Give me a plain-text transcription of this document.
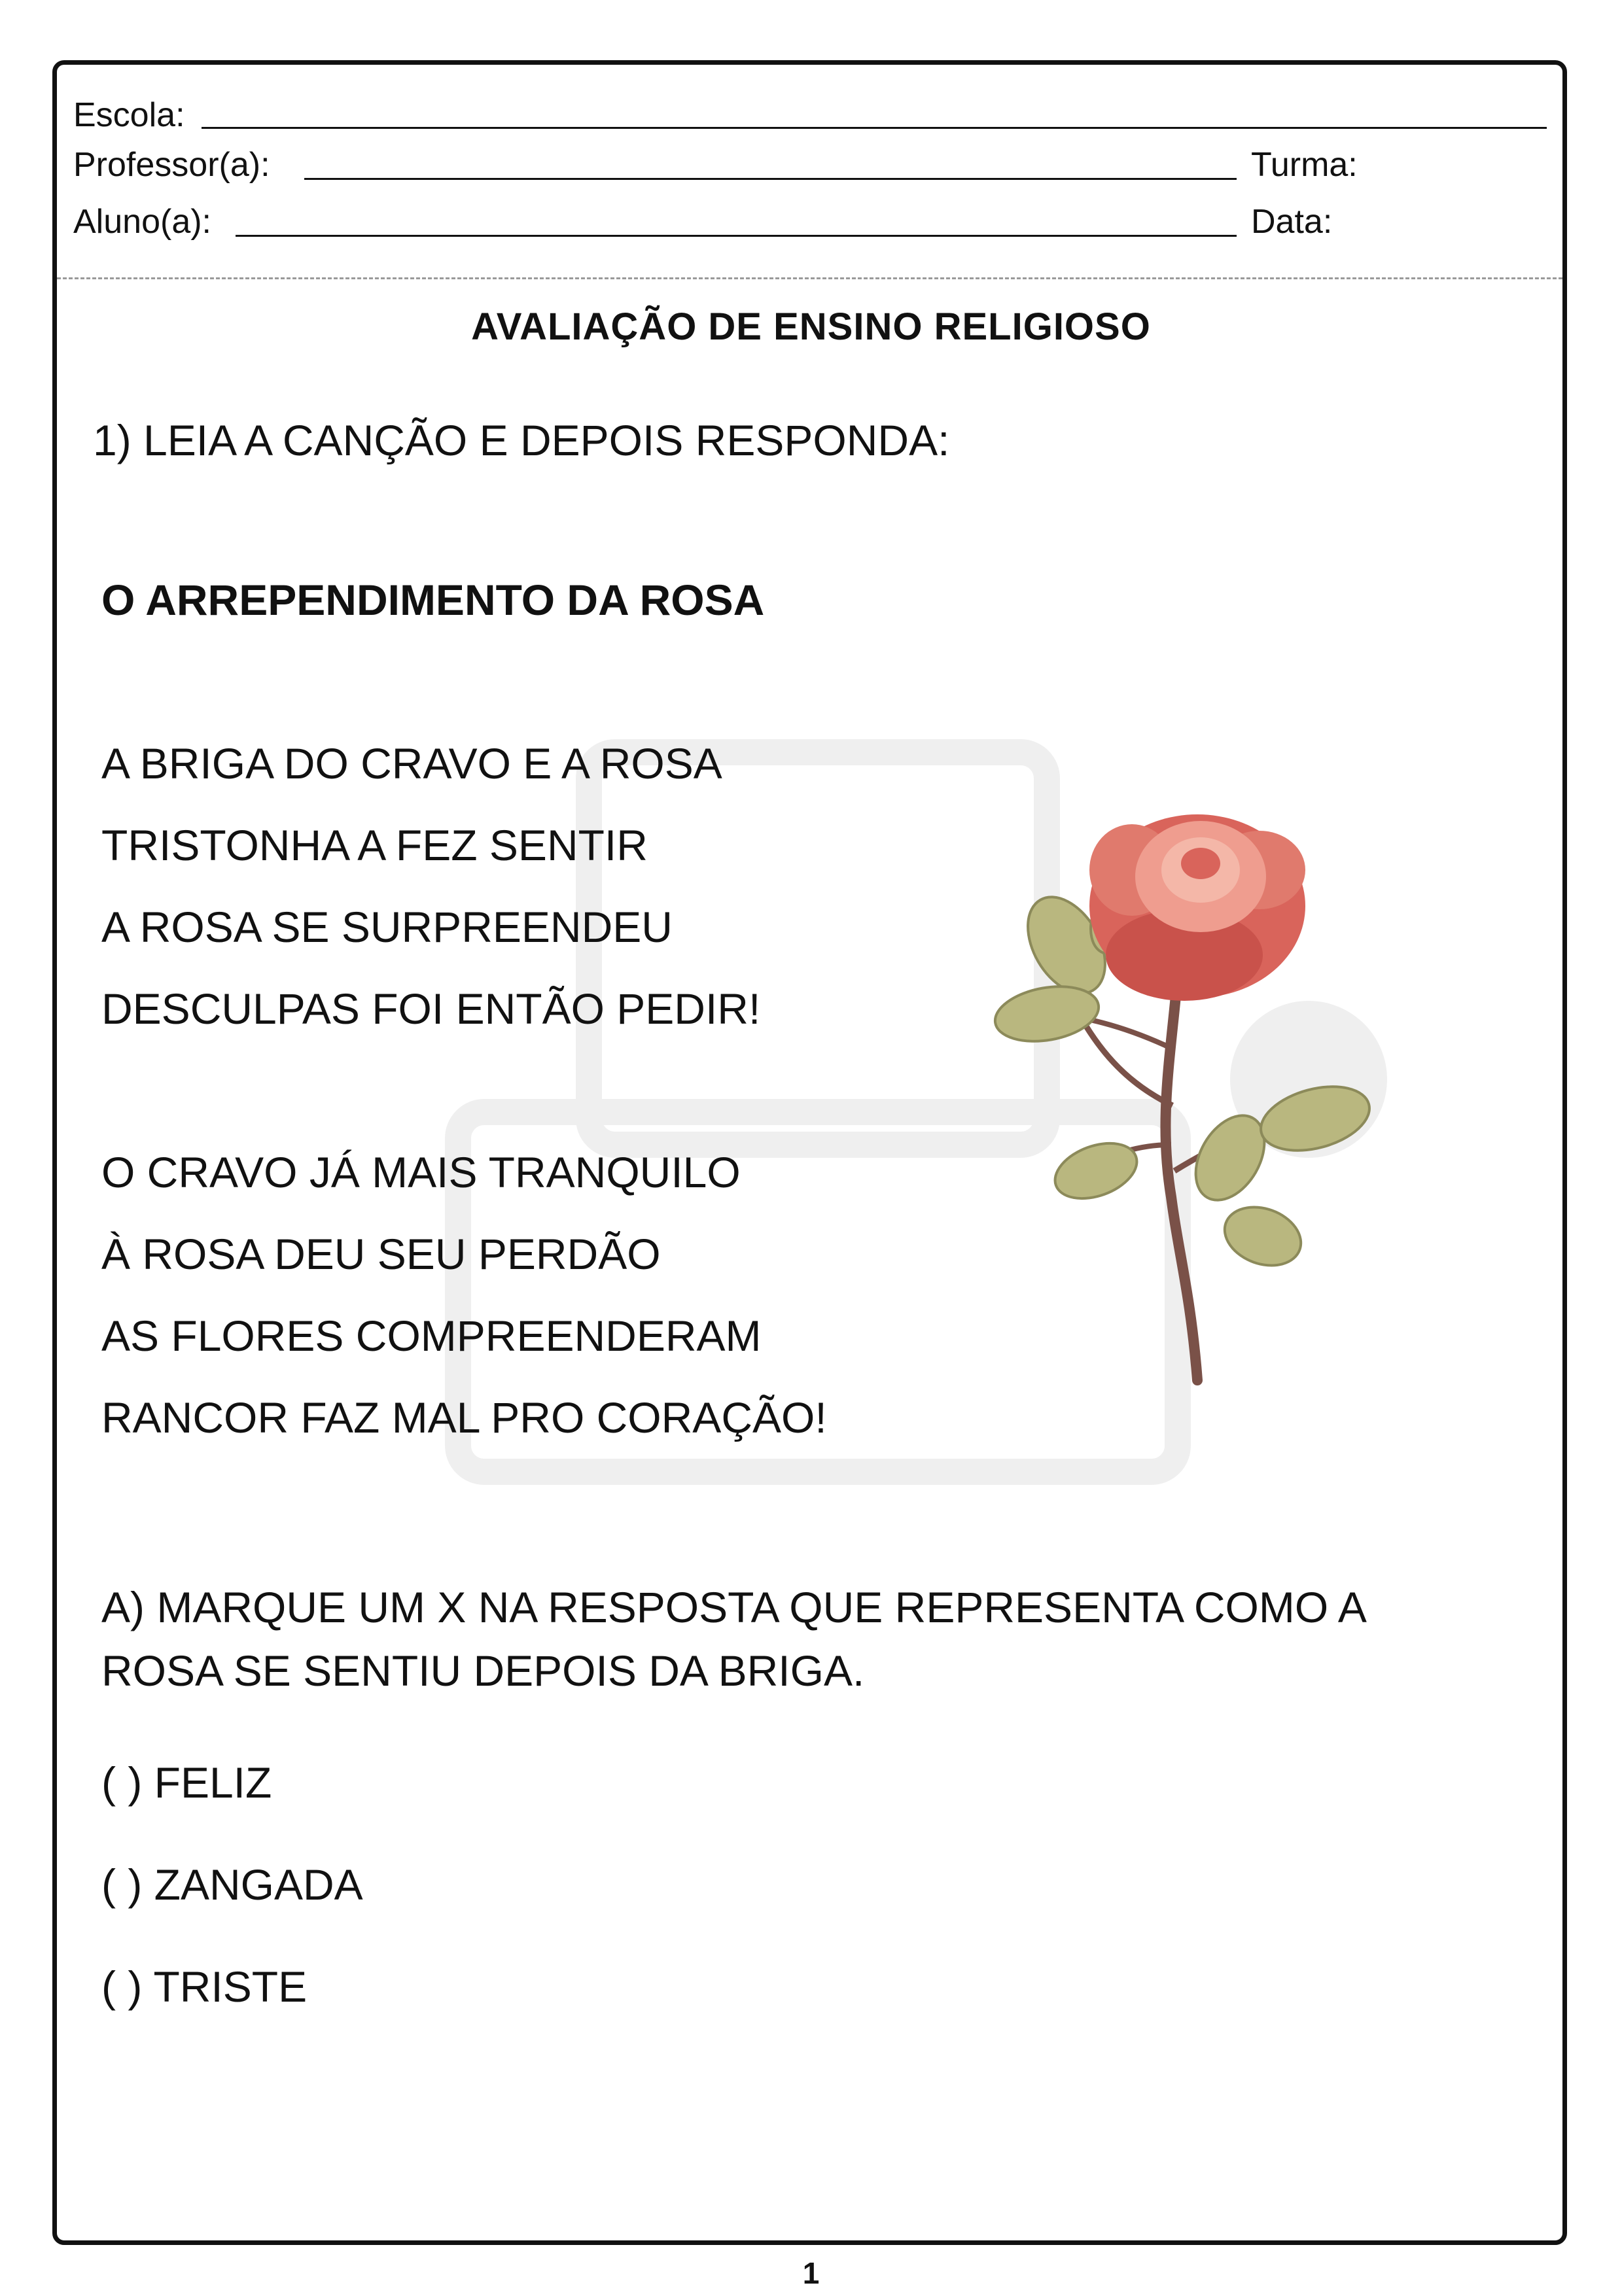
Escola:
Professor(a):	Turma:
Aluno(a):	Data:
AVALIAÇÃO DE ENSINO RELIGIOSO
1) LEIA A CANÇÃO E DEPOIS RESPONDA:
O ARREPENDIMENTO DA ROSA
A BRIGA DO CRAVO E A ROSA
TRISTONHA A FEZ SENTIR
A ROSA SE SURPREENDEU
DESCULPAS FOI ENTÃO PEDIR!
O CRAVO JÁ MAIS TRANQUILO
À ROSA DEU SEU PERDÃO
AS FLORES COMPREENDERAM
RANCOR FAZ MAL PRO CORAÇÃO!
A) MARQUE UM X NA RESPOSTA QUE REPRESENTA COMO A
ROSA SE SENTIU DEPOIS DA BRIGA.
( ) FELIZ
( ) ZANGADA
( ) TRISTE
1
